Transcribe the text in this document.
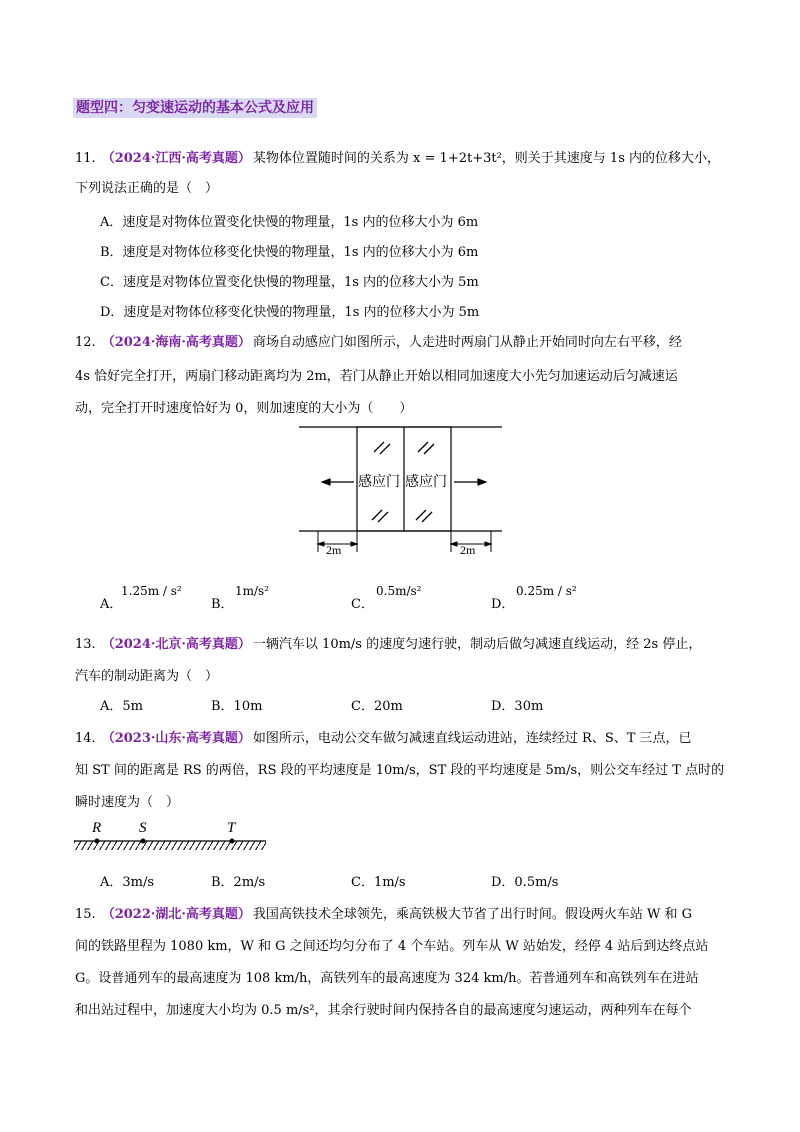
题型四：匀变速运动的基本公式及应用
11. （2024·江西·高考真题） 某物体位置随时间的关系为 x = 1+2t+3t²，则关于其速度与 1s 内的位移大小，
下列说法正确的是（　）
A．速度是对物体位置变化快慢的物理量，1s 内的位移大小为 6m
B．速度是对物体位移变化快慢的物理量，1s 内的位移大小为 6m
C．速度是对物体位置变化快慢的物理量，1s 内的位移大小为 5m
D．速度是对物体位移变化快慢的物理量，1s 内的位移大小为 5m
12. （2024·海南·高考真题） 商场自动感应门如图所示，人走进时两扇门从静止开始同时向左右平移，经
4s 恰好完全打开，两扇门移动距离均为 2m，若门从静止开始以相同加速度大小先匀加速运动后匀减速运
动，完全打开时速度恰好为 0，则加速度的大小为（　　）
感应门 感应门
2m	2m
A．
1.25m / s²
B．
1m/s²
C．
0.5m/s²
D．
0.25m / s²
13. （2024·北京·高考真题） 一辆汽车以 10m/s 的速度匀速行驶，制动后做匀减速直线运动，经 2s 停止，
汽车的制动距离为（　）
A．5m	B．10m	C．20m	D．30m
14. （2023·山东·高考真题） 如图所示，电动公交车做匀减速直线运动进站，连续经过 R、S、T 三点，已
知 ST 间的距离是 RS 的两倍，RS 段的平均速度是 10m/s，ST 段的平均速度是 5m/s，则公交车经过 T 点时的
瞬时速度为（　）
R	S	T
A．3m/s	B．2m/s	C．1m/s	D．0.5m/s
15. （2022·湖北·高考真题） 我国高铁技术全球领先，乘高铁极大节省了出行时间。假设两火车站 W 和 G
间的铁路里程为 1080 km，W 和 G 之间还均匀分布了 4 个车站。列车从 W 站始发，经停 4 站后到达终点站
G。设普通列车的最高速度为 108 km/h，高铁列车的最高速度为 324 km/h。若普通列车和高铁列车在进站
和出站过程中，加速度大小均为 0.5 m/s²，其余行驶时间内保持各自的最高速度匀速运动，两种列车在每个
